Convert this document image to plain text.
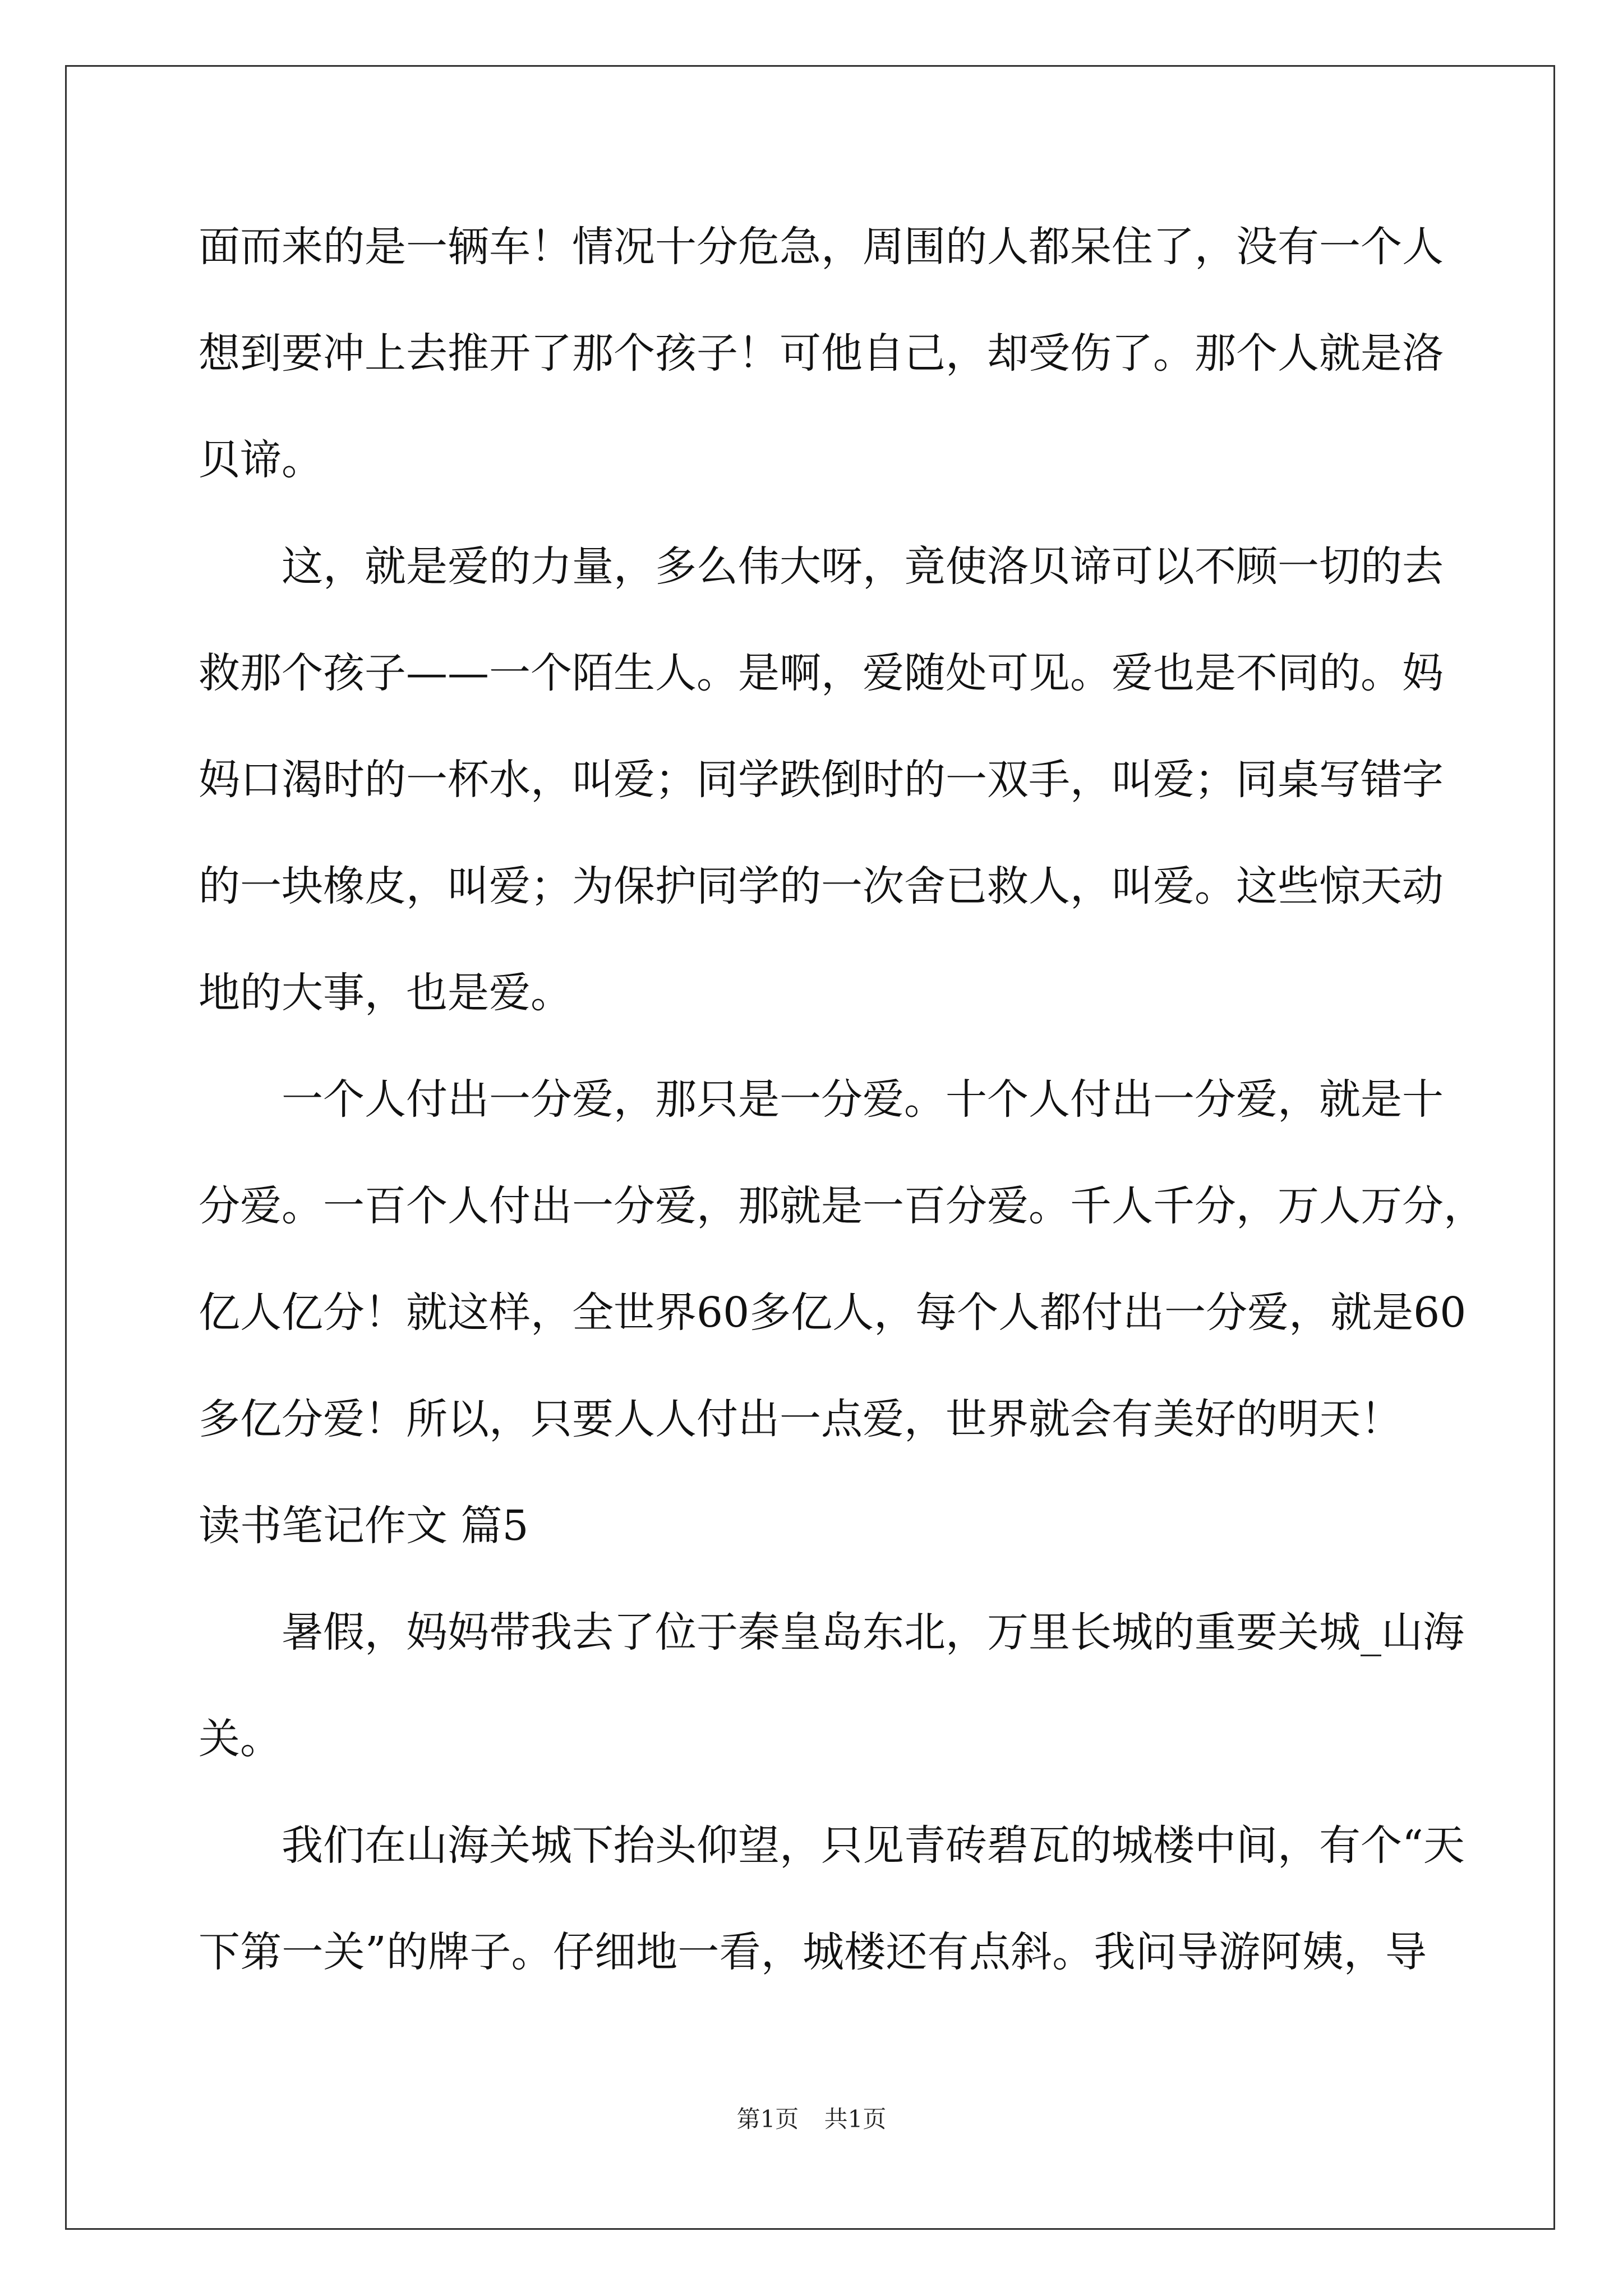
面而来的是一辆车！情况十分危急，周围的人都呆住了，没有一个人

想到要冲上去推开了那个孩子！可他自己，却受伤了。那个人就是洛

贝谛。

这，就是爱的力量，多么伟大呀，竟使洛贝谛可以不顾一切的去

救那个孩子——一个陌生人。是啊，爱随处可见。爱也是不同的。妈

妈口渴时的一杯水，叫爱；同学跌倒时的一双手，叫爱；同桌写错字

的一块橡皮，叫爱；为保护同学的一次舍已救人，叫爱。这些惊天动

地的大事，也是爱。

一个人付出一分爱，那只是一分爱。十个人付出一分爱，就是十

分爱。一百个人付出一分爱，那就是一百分爱。千人千分，万人万分，

亿人亿分！就这样，全世界60多亿人，每个人都付出一分爱，就是60

多亿分爱！所以，只要人人付出一点爱，世界就会有美好的明天！

读书笔记作文 篇5

暑假，妈妈带我去了位于秦皇岛东北，万里长城的重要关城_山海

关。

我们在山海关城下抬头仰望，只见青砖碧瓦的城楼中间，有个“天

下第一关”的牌子。仔细地一看，城楼还有点斜。我问导游阿姨，导

第1页 共1页
